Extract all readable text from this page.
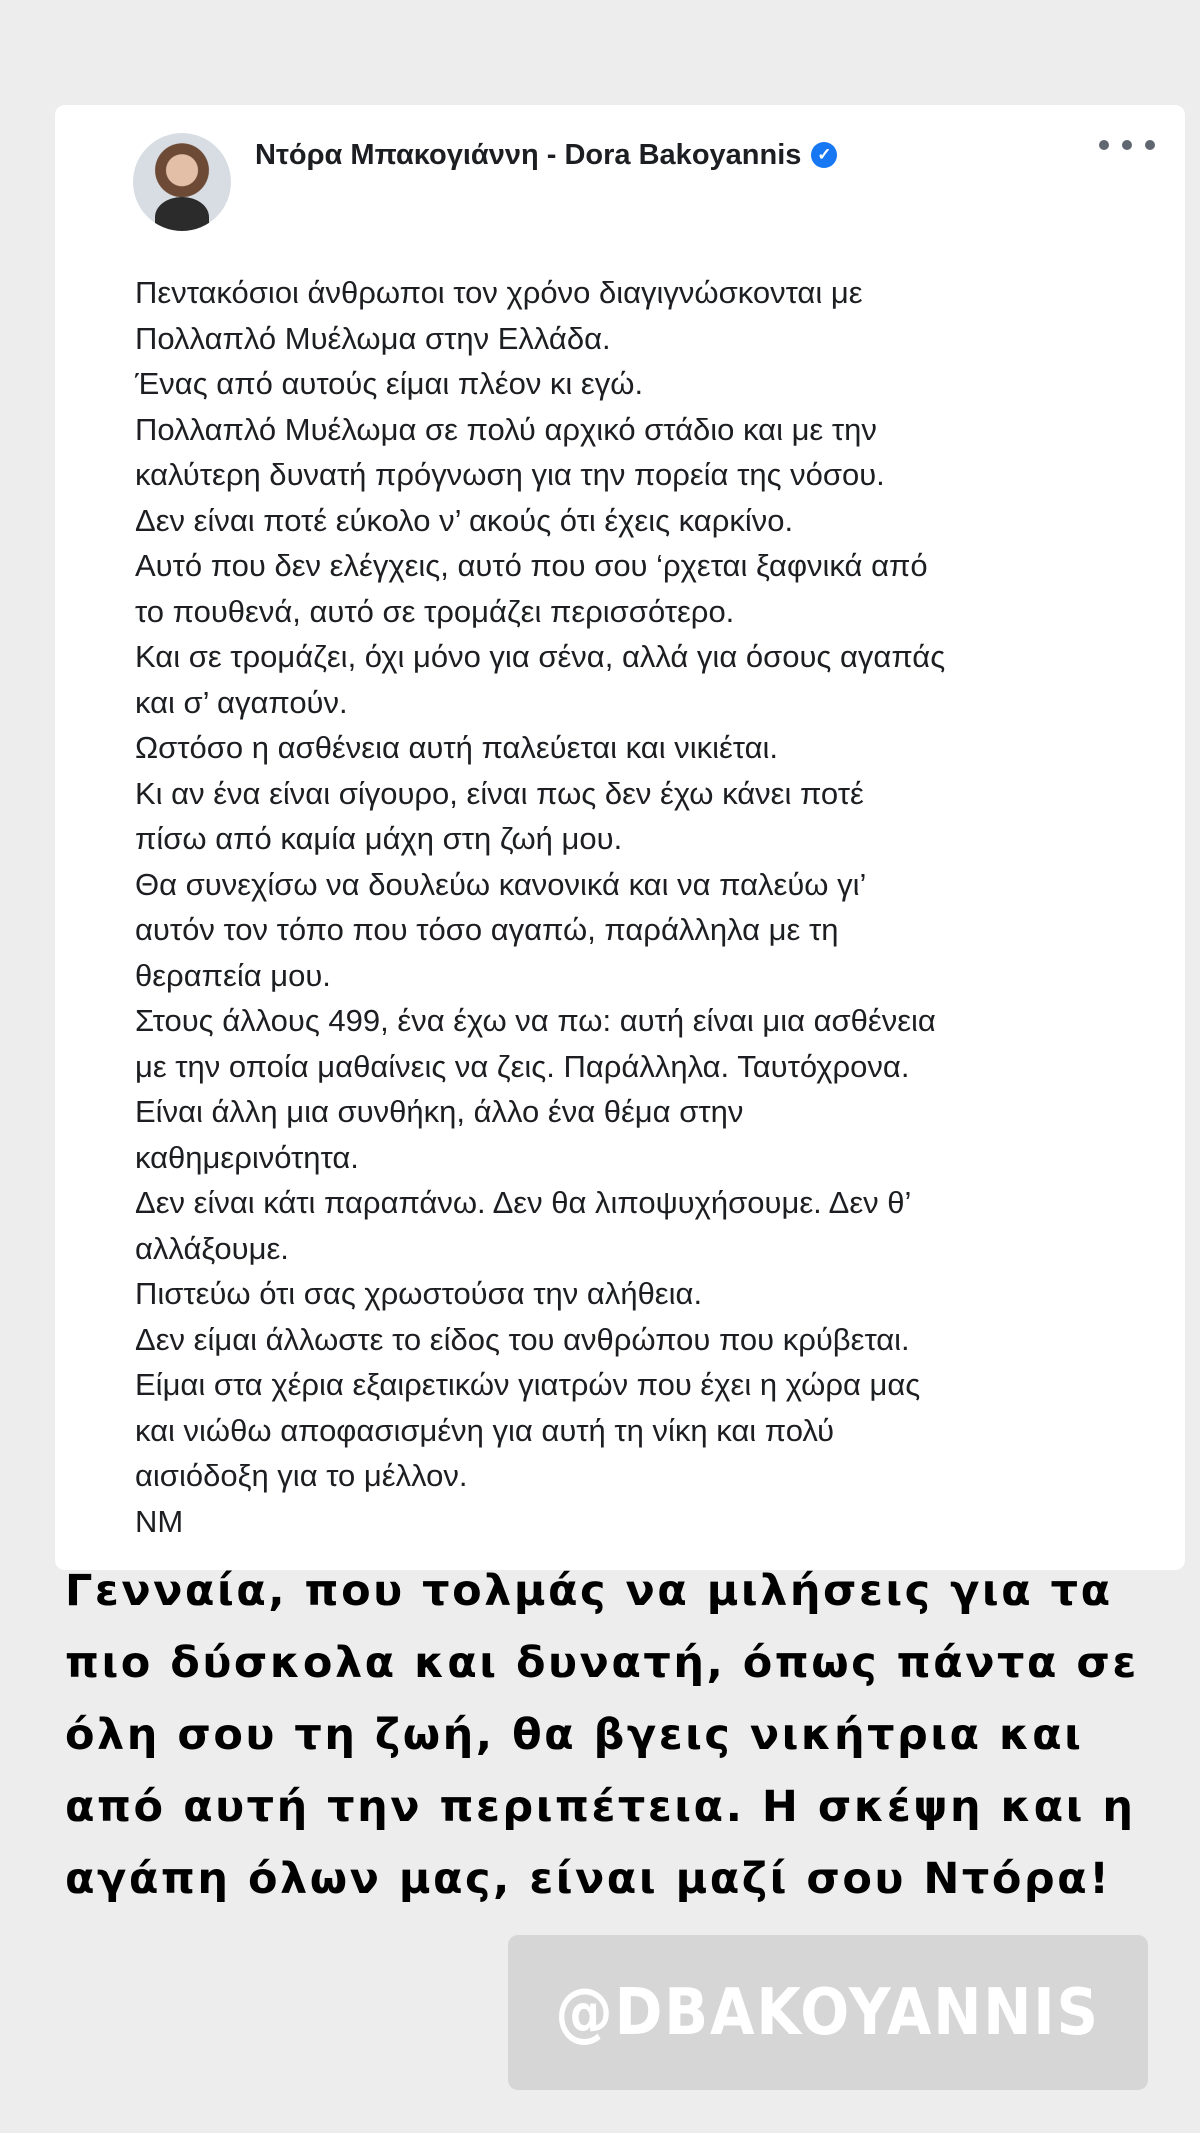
Ντόρα Μπακογιάννη - Dora Bakoyannis ✓
Πεντακόσιοι άνθρωποι τον χρόνο διαγιγνώσκονται με
Πολλαπλό Μυέλωμα στην Ελλάδα.
Ένας από αυτούς είμαι πλέον κι εγώ.
Πολλαπλό Μυέλωμα σε πολύ αρχικό στάδιο και με την
καλύτερη δυνατή πρόγνωση για την πορεία της νόσου.
Δεν είναι ποτέ εύκολο ν’ ακούς ότι έχεις καρκίνο.
Αυτό που δεν ελέγχεις, αυτό που σου ‘ρχεται ξαφνικά από
το πουθενά, αυτό σε τρομάζει περισσότερο.
Και σε τρομάζει, όχι μόνο για σένα, αλλά για όσους αγαπάς
και σ’ αγαπούν.
Ωστόσο η ασθένεια αυτή παλεύεται και νικιέται.
Κι αν ένα είναι σίγουρο, είναι πως δεν έχω κάνει ποτέ
πίσω από καμία μάχη στη ζωή μου.
Θα συνεχίσω να δουλεύω κανονικά και να παλεύω γι’
αυτόν τον τόπο που τόσο αγαπώ, παράλληλα με τη
θεραπεία μου.
Στους άλλους 499, ένα έχω να πω: αυτή είναι μια ασθένεια
με την οποία μαθαίνεις να ζεις. Παράλληλα. Ταυτόχρονα.
Είναι άλλη μια συνθήκη, άλλο ένα θέμα στην
καθημερινότητα.
Δεν είναι κάτι παραπάνω. Δεν θα λιποψυχήσουμε. Δεν θ’
αλλάξουμε.
Πιστεύω ότι σας χρωστούσα την αλήθεια.
Δεν είμαι άλλωστε το είδος του ανθρώπου που κρύβεται.
Είμαι στα χέρια εξαιρετικών γιατρών που έχει η χώρα μας
και νιώθω αποφασισμένη για αυτή τη νίκη και πολύ
αισιόδοξη για το μέλλον.
ΝΜ
Γενναία, που τολμάς να μιλήσεις για τα
πιο δύσκολα και δυνατή, όπως πάντα σε
όλη σου τη ζωή, θα βγεις νικήτρια και
από αυτή την περιπέτεια. Η σκέψη και η
αγάπη όλων μας, είναι μαζί σου Ντόρα!
@DBAKOYANNIS
